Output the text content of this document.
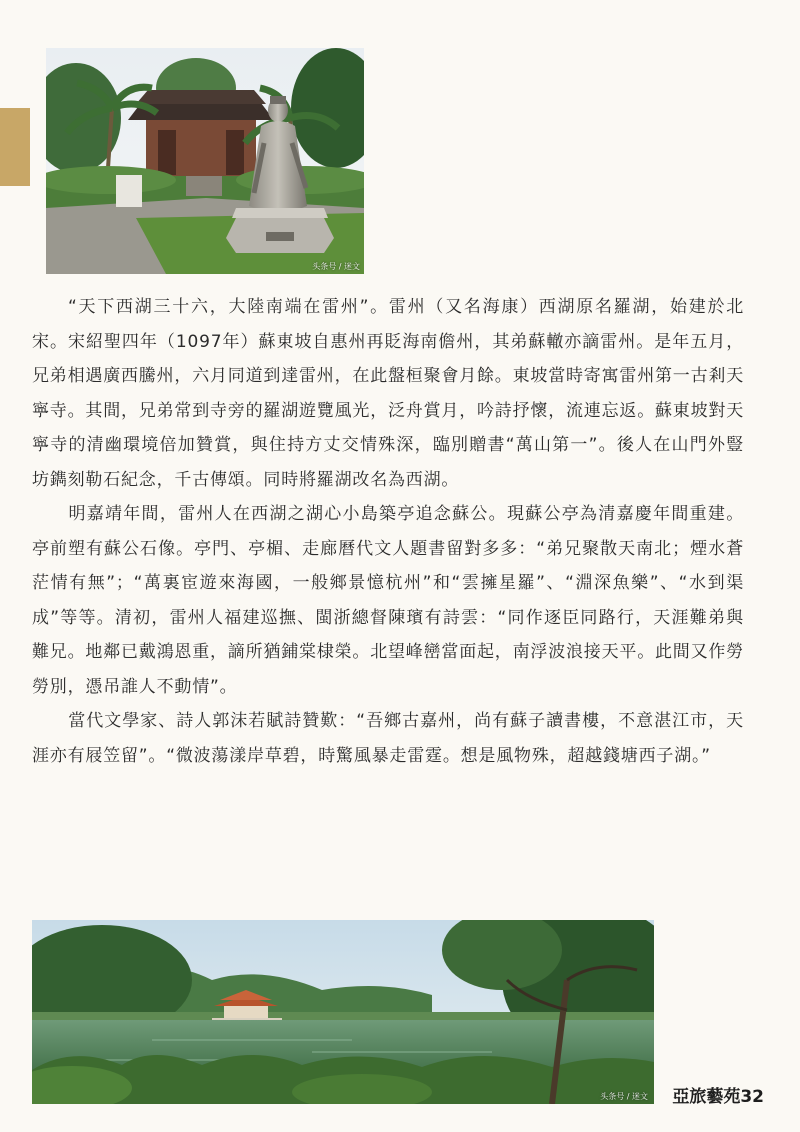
头条号 / 迷文

“天下西湖三十六，大陸南端在雷州”。雷州（又名海康）西湖原名羅湖，始建於北宋。宋紹聖四年（1097年）蘇東坡自惠州再貶海南儋州，其弟蘇轍亦謫雷州。是年五月，兄弟相遇廣西騰州，六月同道到達雷州，在此盤桓聚會月餘。東坡當時寄寓雷州第一古剎天寧寺。其間，兄弟常到寺旁的羅湖遊覽風光，泛舟賞月，吟詩抒懷，流連忘返。蘇東坡對天寧寺的清幽環境倍加贊賞，與住持方丈交情殊深，臨別贈書“萬山第一”。後人在山門外豎坊鐫刻勒石紀念，千古傳頌。同時將羅湖改名為西湖。

明嘉靖年間，雷州人在西湖之湖心小島築亭追念蘇公。現蘇公亭為清嘉慶年間重建。亭前塑有蘇公石像。亭門、亭楣、走廊曆代文人題書留對多多：“弟兄聚散天南北；煙水蒼茫情有無”；“萬裏宦遊來海國，一般鄉景憶杭州”和“雲擁星羅”、“淵深魚樂”、“水到渠成”等等。清初，雷州人福建巡撫、閩浙總督陳璸有詩雲：“同作逐臣同路行，天涯難弟與難兄。地鄰已戴鴻恩重，謫所猶鋪棠棣榮。北望峰巒當面起，南浮波浪接天平。此間又作勞勞別，憑吊誰人不動情”。

當代文學家、詩人郭沫若賦詩贊歎：“吾鄉古嘉州，尚有蘇子讀書樓，不意湛江市，天涯亦有屐笠留”。“微波蕩漾岸草碧，時驚風暴走雷霆。想是風物殊，超越錢塘西子湖。”

头条号 / 迷文 亞旅藝苑32
